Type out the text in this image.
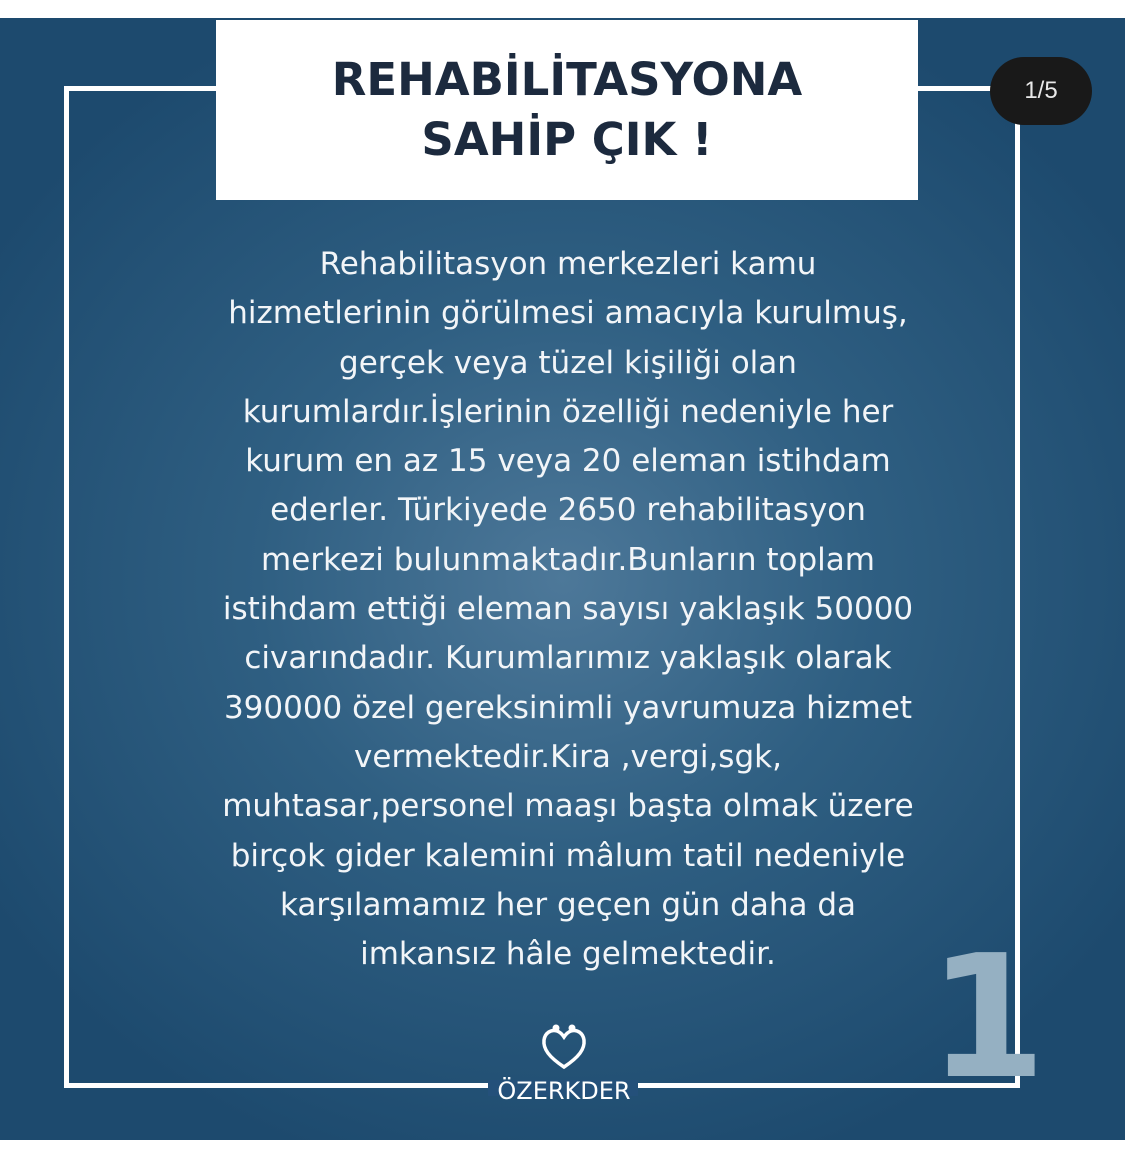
REHABİLİTASYONA
SAHİP ÇIK !

Rehabilitasyon merkezleri kamu
hizmetlerinin görülmesi amacıyla kurulmuş,
gerçek veya tüzel kişiliği olan
kurumlardır.İşlerinin özelliği nedeniyle her
kurum en az 15 veya 20 eleman istihdam
ederler. Türkiyede 2650 rehabilitasyon
merkezi bulunmaktadır.Bunların toplam
istihdam ettiği eleman sayısı yaklaşık 50000
civarındadır. Kurumlarımız yaklaşık olarak
390000 özel gereksinimli yavrumuza hizmet
vermektedir.Kira ,vergi,sgk,
muhtasar,personel maaşı başta olmak üzere
birçok gider kalemini mâlum tatil nedeniyle
karşılamamız her geçen gün daha da
imkansız hâle gelmektedir. 1
ÖZERKDER
1/5
